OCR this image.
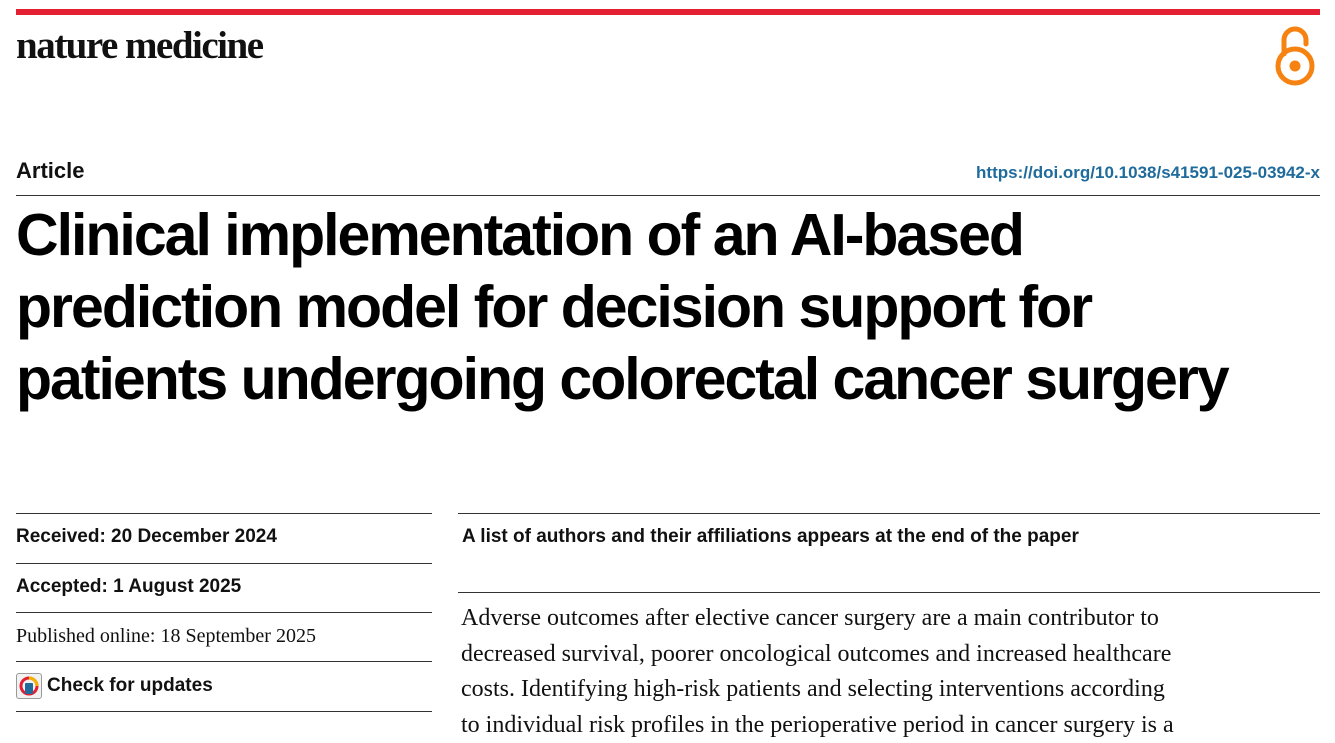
nature medicine
Article	https://doi.org/10.1038/s41591-025-03942-x
Clinical implementation of an AI-based
prediction model for decision support for
patients undergoing colorectal cancer surgery
Received: 20 December 2024
Accepted: 1 August 2025
Published online: 18 September 2025
Check for updates
A list of authors and their affiliations appears at the end of the paper

Adverse outcomes after elective cancer surgery are a main contributor to
decreased survival, poorer oncological outcomes and increased healthcare
costs. Identifying high-risk patients and selecting interventions according
to individual risk profiles in the perioperative period in cancer surgery is a
